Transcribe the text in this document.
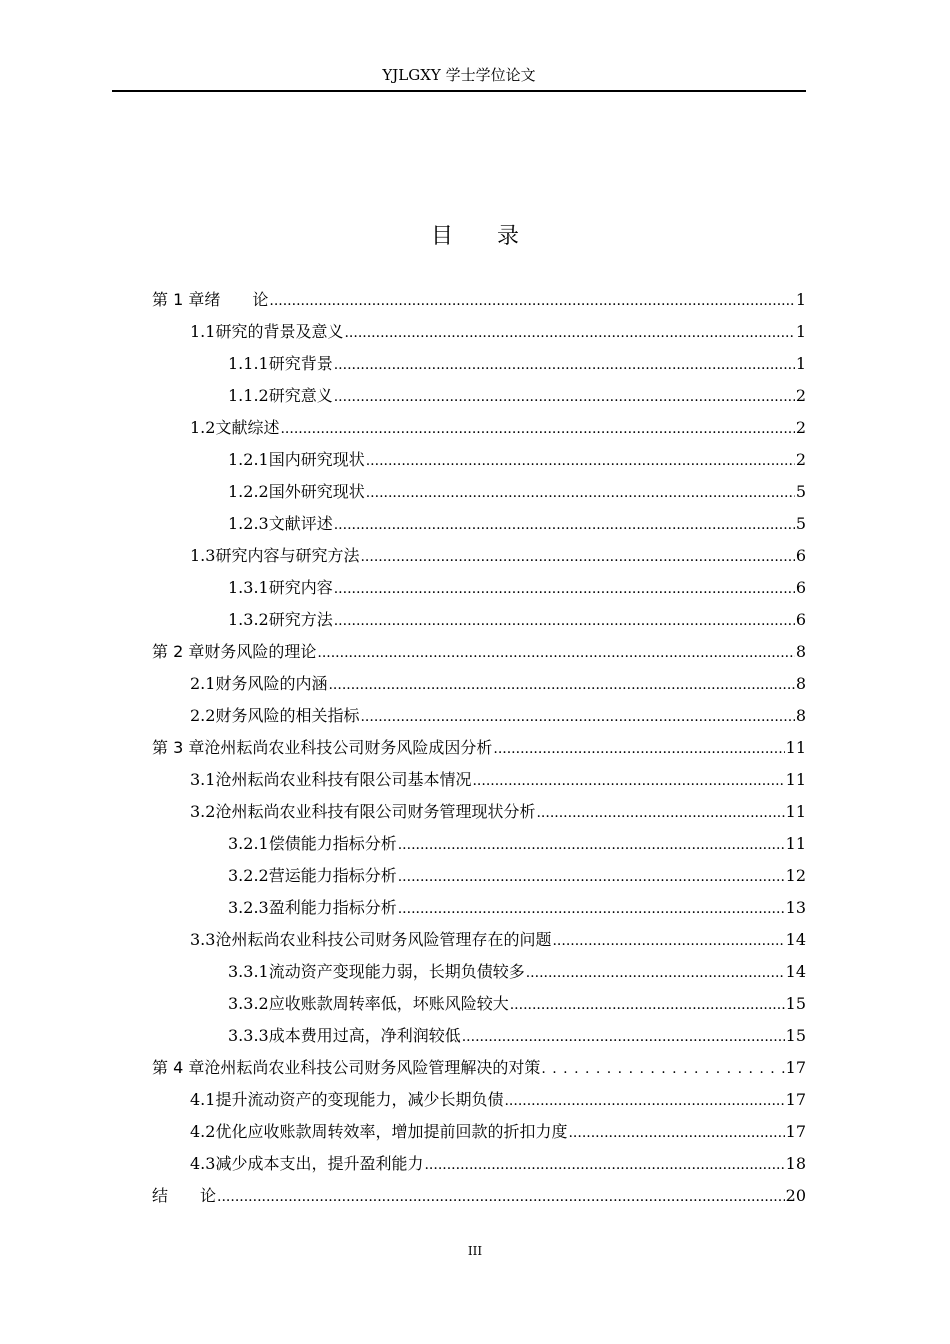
YJLGXY 学士学位论文
目录
第 1 章 绪　　论 .....	1
1.1 研究的背景及意义 .....	1
1.1.1 研究背景 .....	1
1.1.2 研究意义 .....	2
1.2 文献综述 .....	2
1.2.1 国内研究现状 .....	2
1.2.2 国外研究现状 .....	5
1.2.3 文献评述 .....	5
1.3 研究内容与研究方法 .....	6
1.3.1 研究内容 .....	6
1.3.2 研究方法 .....	6
第 2 章 财务风险的理论 .....	8
2.1 财务风险的内涵 .....	8
2.2 财务风险的相关指标 .....	8
第 3 章 沧州耘尚农业科技公司财务风险成因分析 .....	11
3.1 沧州耘尚农业科技有限公司基本情况 .....	11
3.2 沧州耘尚农业科技有限公司财务管理现状分析 .....	11
3.2.1 偿债能力指标分析 .....	11
3.2.2 营运能力指标分析 .....	12
3.2.3 盈利能力指标分析 .....	13
3.3 沧州耘尚农业科技公司财务风险管理存在的问题 .....	14
3.3.1 流动资产变现能力弱，长期负债较多 .....	14
3.3.2 应收账款周转率低，坏账风险较大 .....	15
3.3.3 成本费用过高，净利润较低 .....	15
第 4 章 沧州耘尚农业科技公司财务风险管理解决的对策 . . .	17
4.1 提升流动资产的变现能力，减少长期负债 .....	17
4.2 优化应收账款周转效率，增加提前回款的折扣力度 .....	17
4.3 减少成本支出，提升盈利能力 .....	18
结　　论 .....	20
III
